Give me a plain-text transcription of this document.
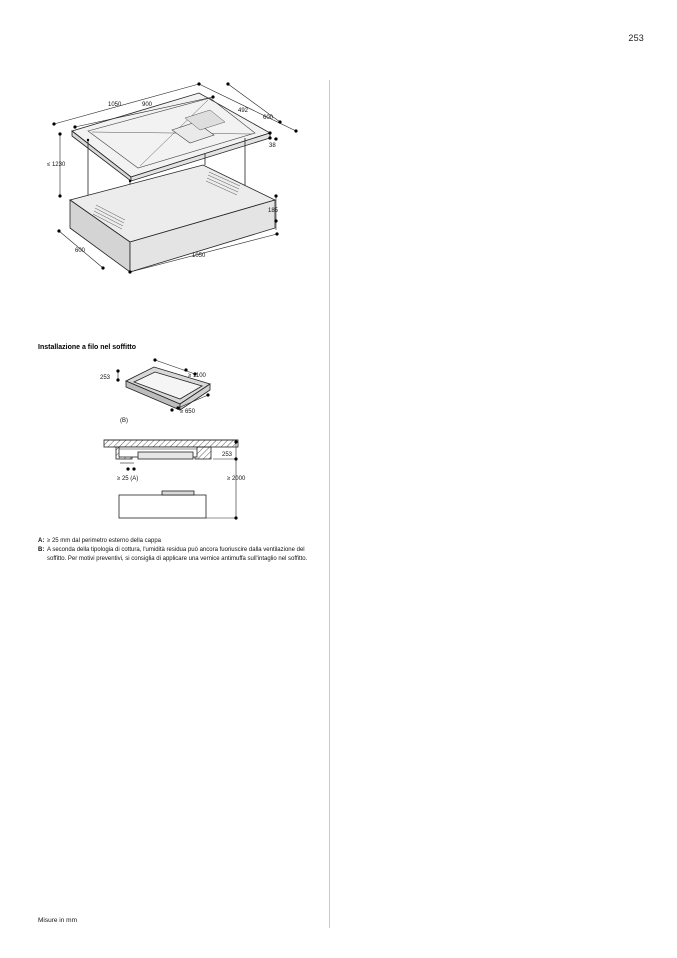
253
1050	900
492
600
38
≤ 1230
185
600
1050
253	≥ 1100
≥ 650
(B)
253
≥ 25 (A)	≥ 2000
Installazione a filo nel soffitto
A: ≥ 25 mm dal perimetro esterno della cappa
B: A seconda della tipologia di cottura, l'umidità residua può ancora fuoriuscire dalla ventilazione del soffitto. Per motivi preventivi, si consiglia di applicare una vernice antimuffa sull'intaglio nel soffitto.
Misure in mm
